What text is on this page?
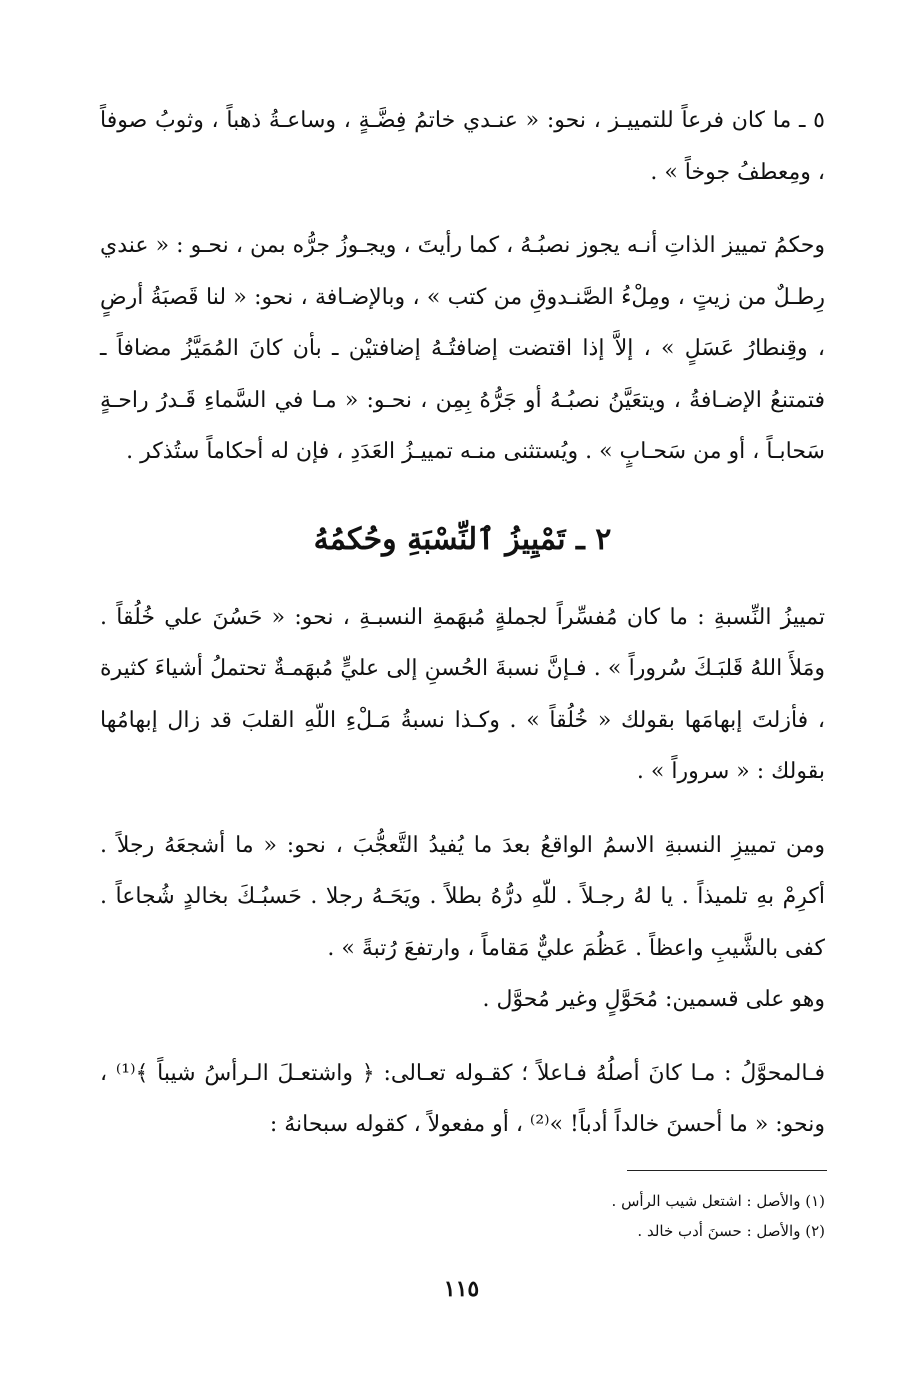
٥ ـ ما كان فرعاً للتمييـز ، نحو: « عنـدي خاتمُ فِضَّـةٍ ، وساعـةُ ذهباً ، وثوبُ صوفاً ، ومِعطفُ جوخاً » .

وحكمُ تمييز الذاتِ أنـه يجوز نصبُـهُ ، كما رأيتَ ، ويجـوزُ جرُّه بمن ، نحـو : « عندي رِطـلٌ من زيتٍ ، ومِلْءُ الصَّنـدوقِ من كتب » ، وبالإضـافة ، نحو: « لنا قَصبَةُ أرضٍ ، وقِنطارُ عَسَلٍ » ، إلاَّ إذا اقتضت إضافتُـهُ إضافتيْن ـ بأن كانَ المُمَيَّزُ مضافاً ـ فتمتنعُ الإضـافةُ ، ويتعَيَّنُ نصبُـهُ أو جَرُّهُ بِمِن ، نحـو: « مـا في السَّماءِ قَـدرُ راحـةٍ سَحابـاً ، أو من سَحـابٍ » . ويُستثنى منـه تمييـزُ العَدَدِ ، فإن له أحكاماً ستُذكر .

٢ ـ تَمْيِيزُ ٱلنِّسْبَةِ وحُكمُهُ

تمييزُ النِّسبةِ : ما كان مُفسِّراً لجملةٍ مُبهَمةِ النسبـةِ ، نحو: « حَسُنَ علي خُلُقاً . ومَلأَ اللهُ قَلبَـكَ سُروراً » . فـإنَّ نسبةَ الحُسنِ إلى عليٍّ مُبهَمـةٌ تحتملُ أشياءَ كثيرة ، فأزلتَ إبهامَها بقولك « خُلُقاً » . وكـذا نسبةُ مَـلْءِ اللّهِ القلبَ قد زال إبهامُها بقولك : « سروراً » .

ومن تمييزِ النسبةِ الاسمُ الواقعُ بعدَ ما يُفيدُ التَّعجُّبَ ، نحو: « ما أشجعَهُ رجلاً . أكرِمْ بهِ تلميذاً . يا لهُ رجـلاً . للّهِ درُّهُ بطلاً . ويَحَـهُ رجلا . حَسبُـكَ بخالدٍ شُجاعاً . كفى بالشَّيبِ واعظاً . عَظُمَ عليٌّ مَقاماً ، وارتفعَ رُتبةً » .

وهو على قسمين: مُحَوَّلٍ وغير مُحوَّل .

فـالمحوَّلُ : مـا كانَ أصلُهُ فـاعلاً ؛ كقـوله تعـالى: ﴿ واشتعـلَ الـرأسُ شيباً ﴾⁽¹⁾ ، ونحو: « ما أحسنَ خالداً أدباً! »⁽²⁾ ، أو مفعولاً ، كقوله سبحانهُ :

(١) والأصل : اشتعل شيب الرأس .
(٢) والأصل : حسنَ أدب خالد .
١١٥
